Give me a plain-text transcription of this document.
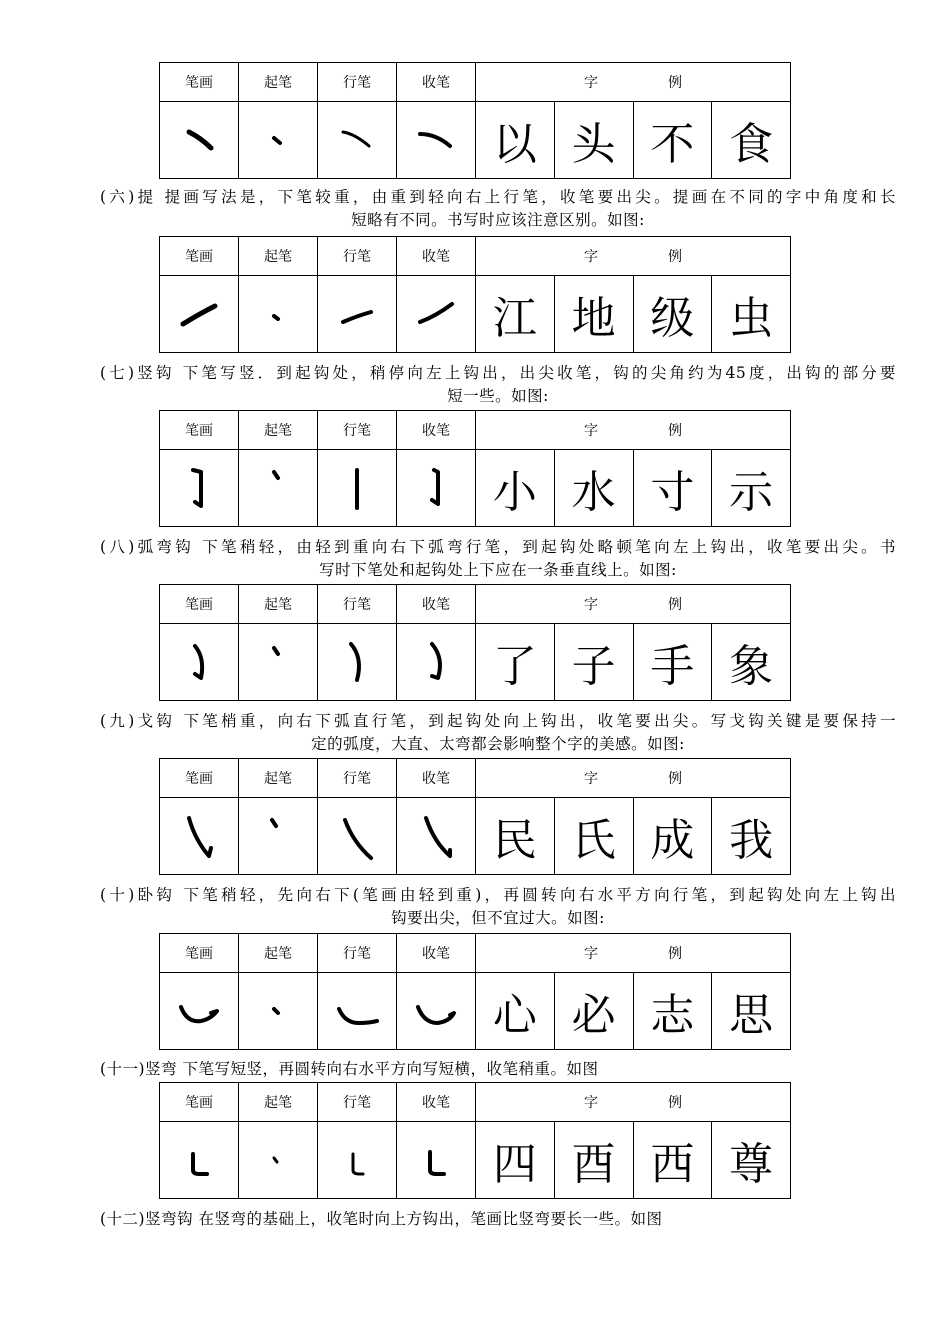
笔画	起笔	行笔	收笔	字 例			

	以	头	不	食
(六)提 提画写法是，下笔较重，由重到轻向右上行笔，收笔要出尖。提画在不同的字中角度和长
短略有不同。书写时应该注意区别。如图:
笔画	起笔	行笔	收笔	字 例			

	江	地	级	虫
(七)竖钩 下笔写竖．到起钩处，稍停向左上钩出，出尖收笔，钩的尖角约为45度，出钩的部分要
短一些。如图:
笔画	起笔	行笔	收笔	字 例			

	小	水	寸	示
(八)弧弯钩 下笔稍轻，由轻到重向右下弧弯行笔，到起钩处略顿笔向左上钩出，收笔要出尖。书
写时下笔处和起钩处上下应在一条垂直线上。如图:
笔画	起笔	行笔	收笔	字 例			

	了	子	手	象
(九)戈钩 下笔梢重，向右下弧直行笔，到起钩处向上钩出，收笔要出尖。写戈钩关键是要保持一
定的弧度，大直、太弯都会影响整个字的美感。如图:
笔画	起笔	行笔	收笔	字 例			

	民	氏	成	我
(十)卧钩 下笔稍轻，先向右下(笔画由轻到重)，再圆转向右水平方向行笔，到起钩处向左上钩出
钩要出尖，但不宜过大。如图:
笔画	起笔	行笔	收笔	字 例			

	心	必	志	思
(十一)竖弯 下笔写短竖，再圆转向右水平方向写短横，收笔稍重。如图
笔画	起笔	行笔	收笔	字 例			

	四	酉	西	尊
(十二)竖弯钩 在竖弯的基础上，收笔时向上方钩出，笔画比竖弯要长一些。如图
